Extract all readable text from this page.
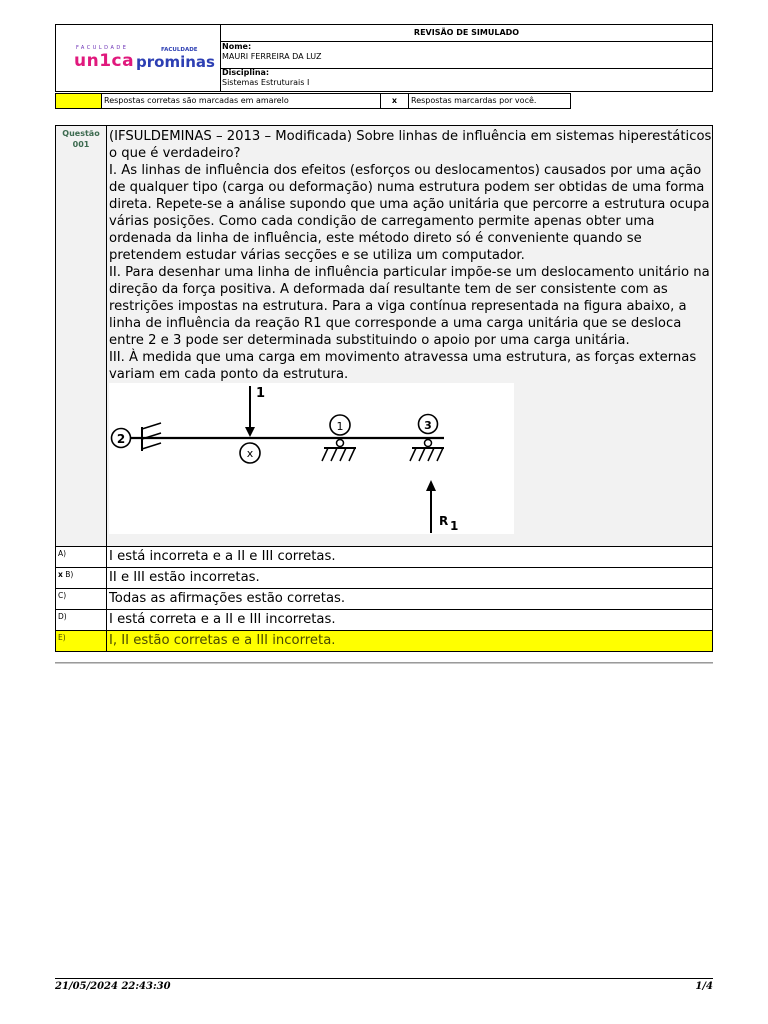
FACULDADE	FACULDADE
un1ca prominas
REVISÃO DE SIMULADO
Nome:
MAURI FERREIRA DA LUZ
Disciplina:
Sistemas Estruturais I
Respostas corretas são marcadas em amarelo	x	Respostas marcardas por você.
Questão
001

(IFSULDEMINAS – 2013 – Modificada) Sobre linhas de influência em sistemas hiperestáticos o que é verdadeiro?

I. As linhas de influência dos efeitos (esforços ou deslocamentos) causados por uma ação de qualquer tipo (carga ou deformação) numa estrutura podem ser obtidas de uma forma direta. Repete-se a análise supondo que uma ação unitária que percorre a estrutura ocupa várias posições. Como cada condição de carregamento permite apenas obter uma ordenada da linha de influência, este método direto só é conveniente quando se pretendem estudar várias secções e se utiliza um computador.

II. Para desenhar uma linha de influência particular impõe-se um deslocamento unitário na direção da força positiva. A deformada daí resultante tem de ser consistente com as restrições impostas na estrutura. Para a viga contínua representada na figura abaixo, a linha de influência da reação R1 que corresponde a uma carga unitária que se desloca entre 2 e 3 pode ser determinada substituindo o apoio por uma carga unitária.

III. À medida que uma carga em movimento atravessa uma estrutura, as forças externas variam em cada ponto da estrutura.

2
1
x
1	3
R 1
A)	I está incorreta e a II e III corretas.
x B)	II e III estão incorretas.
C)	Todas as afirmações estão corretas.
D)	I está correta e a II e III incorretas.
E)	I, II estão corretas e a III incorreta.
21/05/2024 22:43:30	1/4
